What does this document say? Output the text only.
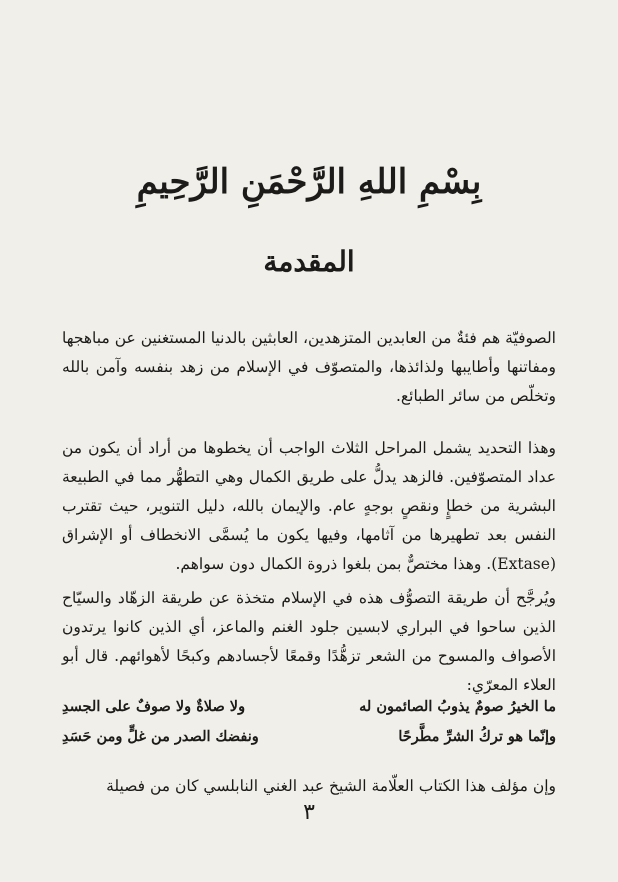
بِسْمِ اللهِ الرَّحْمَنِ الرَّحِيمِ
المقدمة

الصوفيّة هم فئةٌ من العابدين المتزهدين، العابثين بالدنيا المستغنين عن مباهجها ومفاتنها وأطايبها ولذائذها، والمتصوّف في الإسلام من زهد بنفسه وآمن بالله وتخلّص من سائر الطبائع.

وهذا التحديد يشمل المراحل الثلاث الواجب أن يخطوها من أراد أن يكون من عداد المتصوّفين. فالزهد يدلُّ على طريق الكمال وهي التطهُّر مما في الطبيعة البشرية من خطإٍ ونقصٍ بوجهٍ عام. والإيمان بالله، دليل التنوير، حيث تقترب النفس بعد تطهيرها من آثامها، وفيها يكون ما يُسمَّى الانخطاف أو الإشراق (Extase). وهذا مختصٌّ بمن بلغوا ذروة الكمال دون سواهم.

ويُرجَّح أن طريقة التصوُّف هذه في الإسلام متخذة عن طريقة الزهّاد والسيّاح الذين ساحوا في البراري لابسين جلود الغنم والماعز، أي الذين كانوا يرتدون الأصواف والمسوح من الشعر تزهُّدًا وقمعًا لأجسادهم وكبحًا لأهوائهم. قال أبو العلاء المعرّي:

ما الخيرُ صومٌ يذوبُ الصائمون له
ولا صلاةٌ ولا صوفٌ على الجسدِ
وإنّما هو تركُ الشرِّ مطَّرحًا
ونفضك الصدر من غلٍّ ومن حَسَدِ

وإن مؤلف هذا الكتاب العلّامة الشيخ عبد الغني النابلسي كان من فصيلة

٣
